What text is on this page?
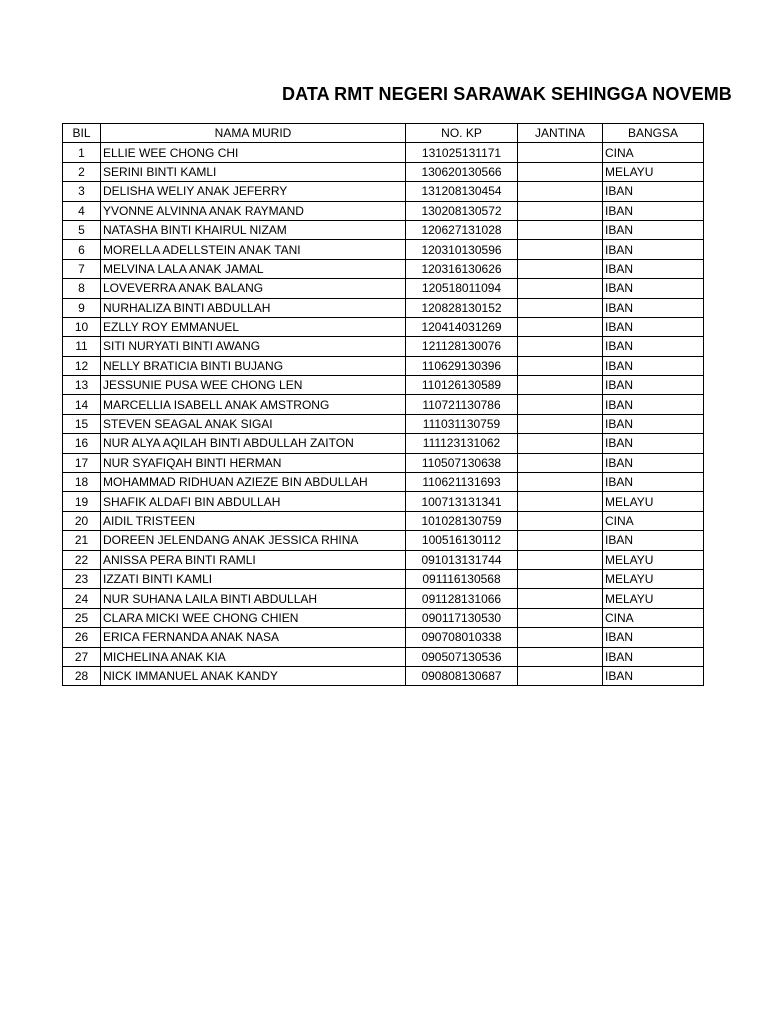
DATA RMT NEGERI SARAWAK SEHINGGA NOVEMB
BIL	NAMA MURID	NO. KP	JANTINA	BANGSA
1	ELLIE WEE CHONG CHI	131025131171		CINA
2	SERINI BINTI KAMLI	130620130566		MELAYU
3	DELISHA WELIY ANAK JEFERRY	131208130454		IBAN
4	YVONNE ALVINNA ANAK RAYMAND	130208130572		IBAN
5	NATASHA BINTI KHAIRUL NIZAM	120627131028		IBAN
6	MORELLA ADELLSTEIN ANAK TANI	120310130596		IBAN
7	MELVINA LALA ANAK JAMAL	120316130626		IBAN
8	LOVEVERRA ANAK BALANG	120518011094		IBAN
9	NURHALIZA BINTI ABDULLAH	120828130152		IBAN
10	EZLLY ROY EMMANUEL	120414031269		IBAN
11	SITI NURYATI BINTI AWANG	121128130076		IBAN
12	NELLY BRATICIA BINTI BUJANG	110629130396		IBAN
13	JESSUNIE PUSA WEE CHONG LEN	110126130589		IBAN
14	MARCELLIA ISABELL ANAK AMSTRONG	110721130786		IBAN
15	STEVEN SEAGAL ANAK SIGAI	111031130759		IBAN
16	NUR ALYA AQILAH BINTI ABDULLAH ZAITON	111123131062		IBAN
17	NUR SYAFIQAH BINTI HERMAN	110507130638		IBAN
18	MOHAMMAD RIDHUAN AZIEZE BIN ABDULLAH	110621131693		IBAN
19	SHAFIK ALDAFI BIN ABDULLAH	100713131341		MELAYU
20	AIDIL TRISTEEN	101028130759		CINA
21	DOREEN JELENDANG ANAK JESSICA RHINA	100516130112		IBAN
22	ANISSA PERA BINTI RAMLI	091013131744		MELAYU
23	IZZATI BINTI KAMLI	091116130568		MELAYU
24	NUR SUHANA LAILA BINTI ABDULLAH	091128131066		MELAYU
25	CLARA MICKI WEE CHONG CHIEN	090117130530		CINA
26	ERICA FERNANDA ANAK NASA	090708010338		IBAN
27	MICHELINA ANAK KIA	090507130536		IBAN
28	NICK IMMANUEL ANAK KANDY	090808130687		IBAN
